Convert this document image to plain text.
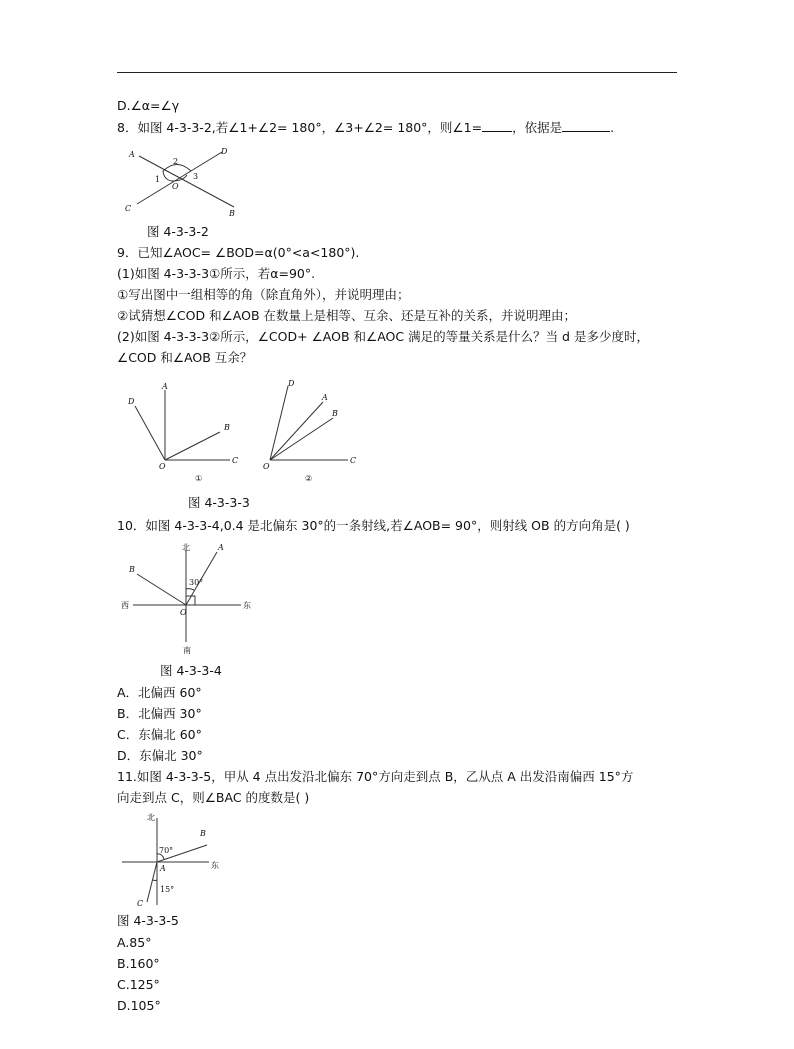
D.∠α=∠γ
8．如图 4-3-3-2,若∠1+∠2= 180°，∠3+∠2= 180°，则∠1= ，依据是	.
A
B
C
D
O
1
2
3
图 4-3-3-2
9．已知∠AOC= ∠BOD=α(0°<a<180°).
(1)如图 4-3-3-3①所示，若α=90°.
①写出图中一组相等的角（除直角外），并说明理由；
②试猜想∠COD 和∠AOB 在数量上是相等、互余、还是互补的关系，并说明理由；
(2)如图 4-3-3-3②所示，∠COD+ ∠AOB 和∠AOC 满足的等量关系是什么？当 d 是多少度时，
∠COD 和∠AOB 互余？
A
B
C
D
O
①
D
A
B
C
O
②
图 4-3-3-3
10．如图 4-3-3-4,0.4 是北偏东 30°的一条射线,若∠AOB= 90°，则射线 OB 的方向角是( )
北
南
西	东
A
B
O
30°
图 4-3-3-4
A．北偏西 60°
B．北偏西 30°
C．东偏北 60°
D．东偏北 30°
11.如图 4-3-3-5，甲从 4 点出发沿北偏东 70°方向走到点 B，乙从点 A 出发沿南偏西 15°方
向走到点 C，则∠BAC 的度数是( )
北
东
A
B
C
70°
15°
图 4-3-3-5
A.85°
B.160°
C.125°
D.105°
